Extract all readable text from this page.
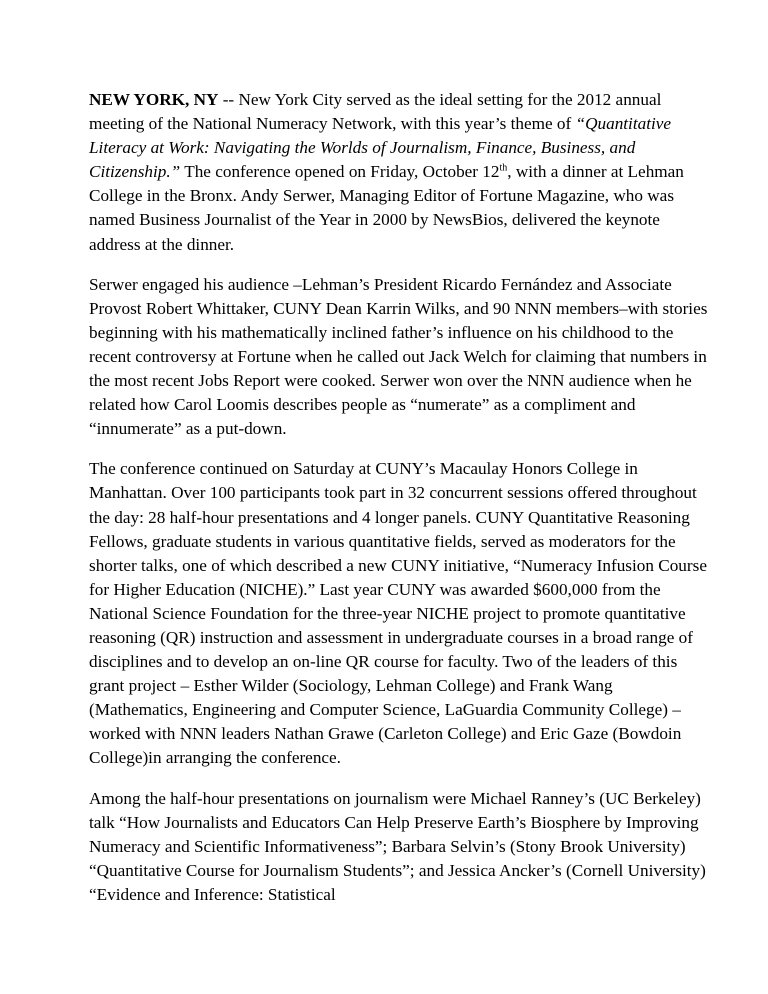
NEW YORK, NY -- New York City served as the ideal setting for the 2012 annual meeting of the National Numeracy Network, with this year’s theme of “Quantitative Literacy at Work: Navigating the Worlds of Journalism, Finance, Business, and Citizenship.” The conference opened on Friday, October 12th, with a dinner at Lehman College in the Bronx. Andy Serwer, Managing Editor of Fortune Magazine, who was named Business Journalist of the Year in 2000 by NewsBios, delivered the keynote address at the dinner.

Serwer engaged his audience –Lehman’s President Ricardo Fernández and Associate Provost Robert Whittaker, CUNY Dean Karrin Wilks, and 90 NNN members–with stories beginning with his mathematically inclined father’s influence on his childhood to the recent controversy at Fortune when he called out Jack Welch for claiming that numbers in the most recent Jobs Report were cooked. Serwer won over the NNN audience when he related how Carol Loomis describes people as “numerate” as a compliment and “innumerate” as a put-down.

The conference continued on Saturday at CUNY’s Macaulay Honors College in Manhattan. Over 100 participants took part in 32 concurrent sessions offered throughout the day: 28 half-hour presentations and 4 longer panels. CUNY Quantitative Reasoning Fellows, graduate students in various quantitative fields, served as moderators for the shorter talks, one of which described a new CUNY initiative, “Numeracy Infusion Course for Higher Education (NICHE).” Last year CUNY was awarded $600,000 from the National Science Foundation for the three-year NICHE project to promote quantitative reasoning (QR) instruction and assessment in undergraduate courses in a broad range of disciplines and to develop an on-line QR course for faculty. Two of the leaders of this grant project – Esther Wilder (Sociology, Lehman College) and Frank Wang (Mathematics, Engineering and Computer Science, LaGuardia Community College) – worked with NNN leaders Nathan Grawe (Carleton College) and Eric Gaze (Bowdoin College)in arranging the conference.

Among the half-hour presentations on journalism were Michael Ranney’s (UC Berkeley) talk “How Journalists and Educators Can Help Preserve Earth’s Biosphere by Improving Numeracy and Scientific Informativeness”; Barbara Selvin’s (Stony Brook University) “Quantitative Course for Journalism Students”; and Jessica Ancker’s (Cornell University) “Evidence and Inference: Statistical
